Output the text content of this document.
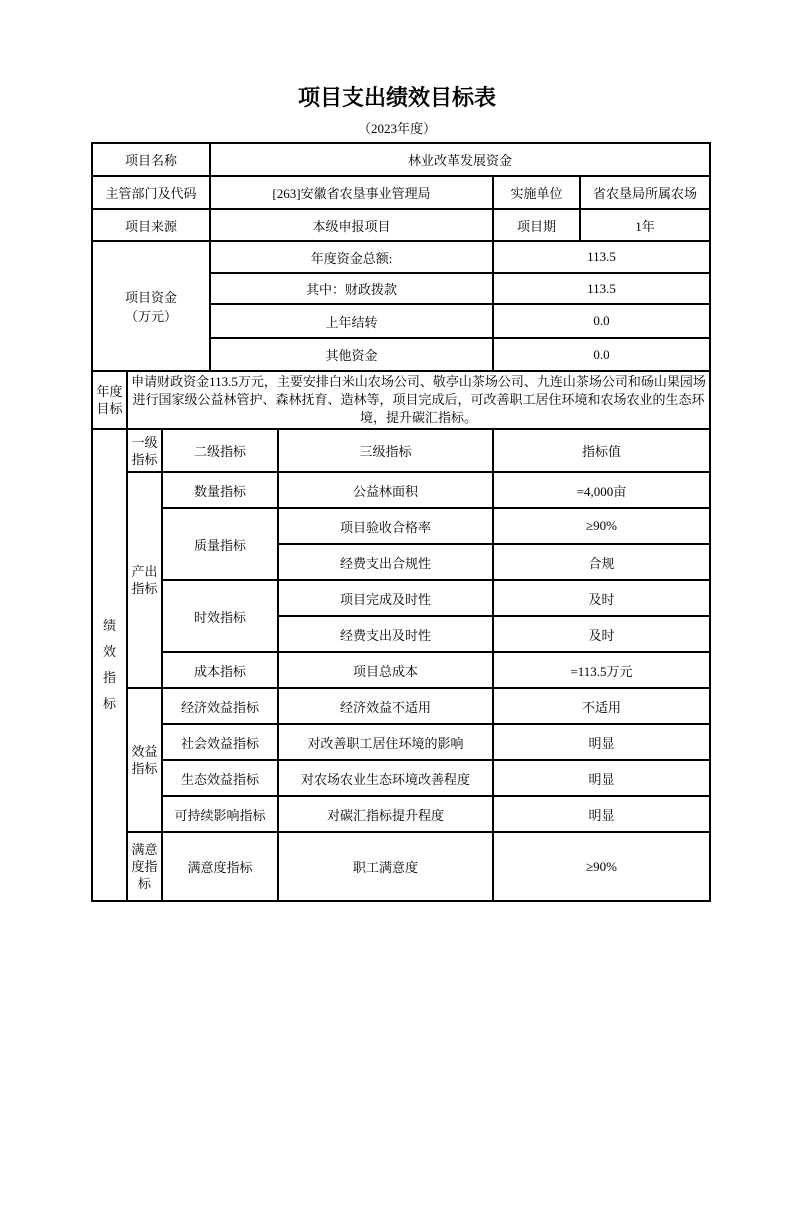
项目支出绩效目标表
（2023年度）
项目名称	林业改革发展资金		
主管部门及代码	[263]安徽省农垦事业管理局	实施单位	省农垦局所属农场
项目来源	本级申报项目	项目期	1年
项目资金
（万元）	年度资金总额:	113.5
	其中：财政拨款	113.5
	上年结转	0.0
	其他资金	0.0
年度目标
	申请财政资金113.5万元，主要安排白米山农场公司、敬亭山茶场公司、九连山茶场公司和砀山果园场进行国家级公益林管护、森林抚育、造林等，项目完成后，可改善职工居住环境和农场农业的生态环境，提升碳汇指标。
绩效指标	一级指标	二级指标	三级指标	指标值

	产出指标	数量指标	公益林面积	=4,000亩
		质量指标	项目验收合格率	≥90%
			经费支出合规性	合规
		时效指标	项目完成及时性	及时
			经费支出及时性	及时
		成本指标	项目总成本	=113.5万元

	效益指标	经济效益指标	经济效益不适用	不适用
		社会效益指标	对改善职工居住环境的影响	明显
		生态效益指标	对农场农业生态环境改善程度	明显
		可持续影响指标	对碳汇指标提升程度	明显

	满意度指标	满意度指标	职工满意度	≥90%
